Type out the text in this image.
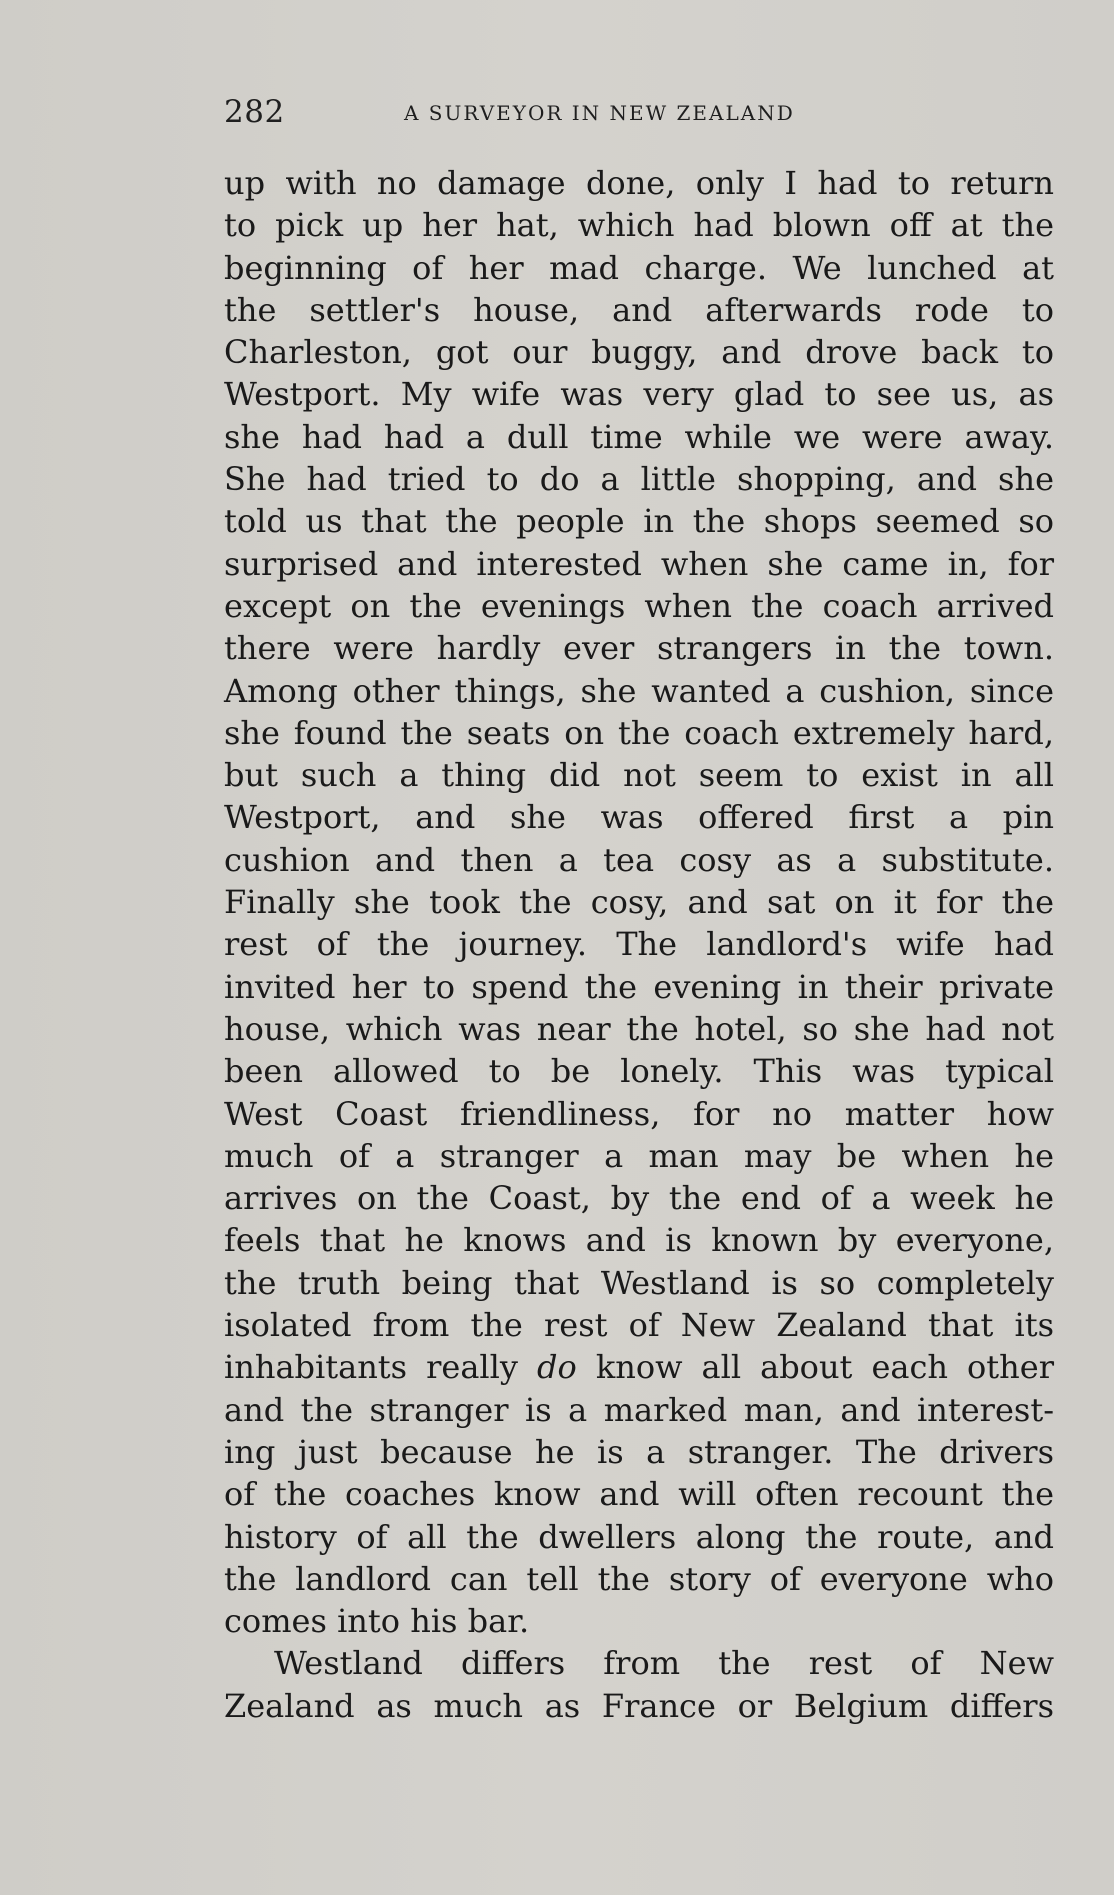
282	A SURVEYOR IN NEW ZEALAND
up with no damage done, only I had to return
to pick up her hat, which had blown off at the
beginning of her mad charge. We lunched at
the settler's house, and afterwards rode to
Charleston, got our buggy, and drove back to
Westport. My wife was very glad to see us, as
she had had a dull time while we were away.
She had tried to do a little shopping, and she
told us that the people in the shops seemed so
surprised and interested when she came in, for
except on the evenings when the coach arrived
there were hardly ever strangers in the town.
Among other things, she wanted a cushion, since
she found the seats on the coach extremely hard,
but such a thing did not seem to exist in all
Westport, and she was offered first a pin
cushion and then a tea cosy as a substitute.
Finally she took the cosy, and sat on it for the
rest of the journey. The landlord's wife had
invited her to spend the evening in their private
house, which was near the hotel, so she had not
been allowed to be lonely. This was typical
West Coast friendliness, for no matter how
much of a stranger a man may be when he
arrives on the Coast, by the end of a week he
feels that he knows and is known by everyone,
the truth being that Westland is so completely
isolated from the rest of New Zealand that its
inhabitants really do know all about each other
and the stranger is a marked man, and interest-
ing just because he is a stranger. The drivers
of the coaches know and will often recount the
history of all the dwellers along the route, and
the landlord can tell the story of everyone who
comes into his bar.
Westland differs from the rest of New
Zealand as much as France or Belgium differs
